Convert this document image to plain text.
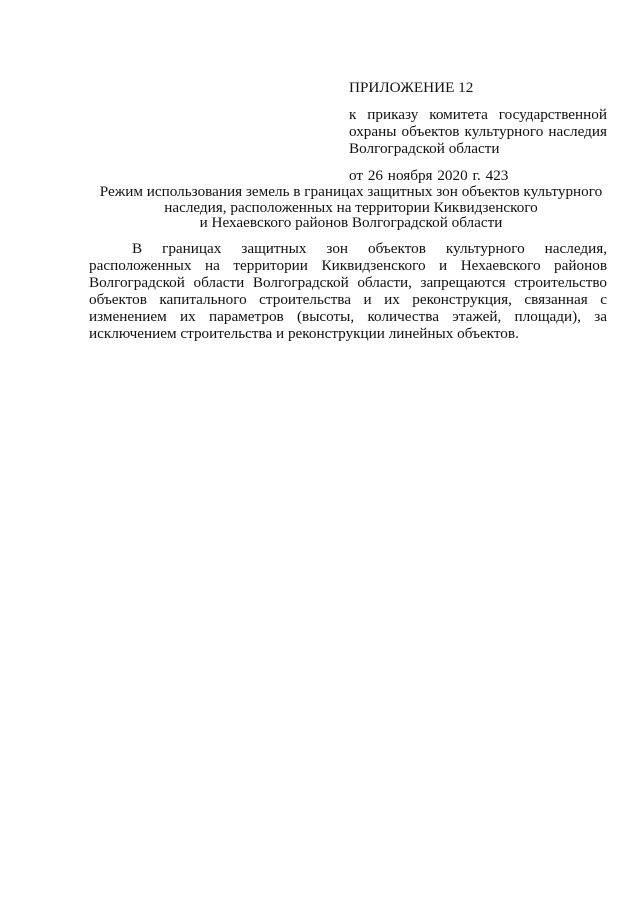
ПРИЛОЖЕНИЕ 12

к приказу комитета государственной охраны объектов культурного наследия Волгоградской области

от 26 ноября 2020 г. 423

Режим использования земель в границах защитных зон объектов культурного
наследия, расположенных на территории Киквидзенского
и Нехаевского районов Волгоградской области

В границах защитных зон объектов культурного наследия, расположенных на территории Киквидзенского и Нехаевского районов Волгоградской области Волгоградской области, запрещаются строительство объектов капитального строительства и их реконструкция, связанная с изменением их параметров (высоты, количества этажей, площади), за исключением строительства и реконструкции линейных объектов.
